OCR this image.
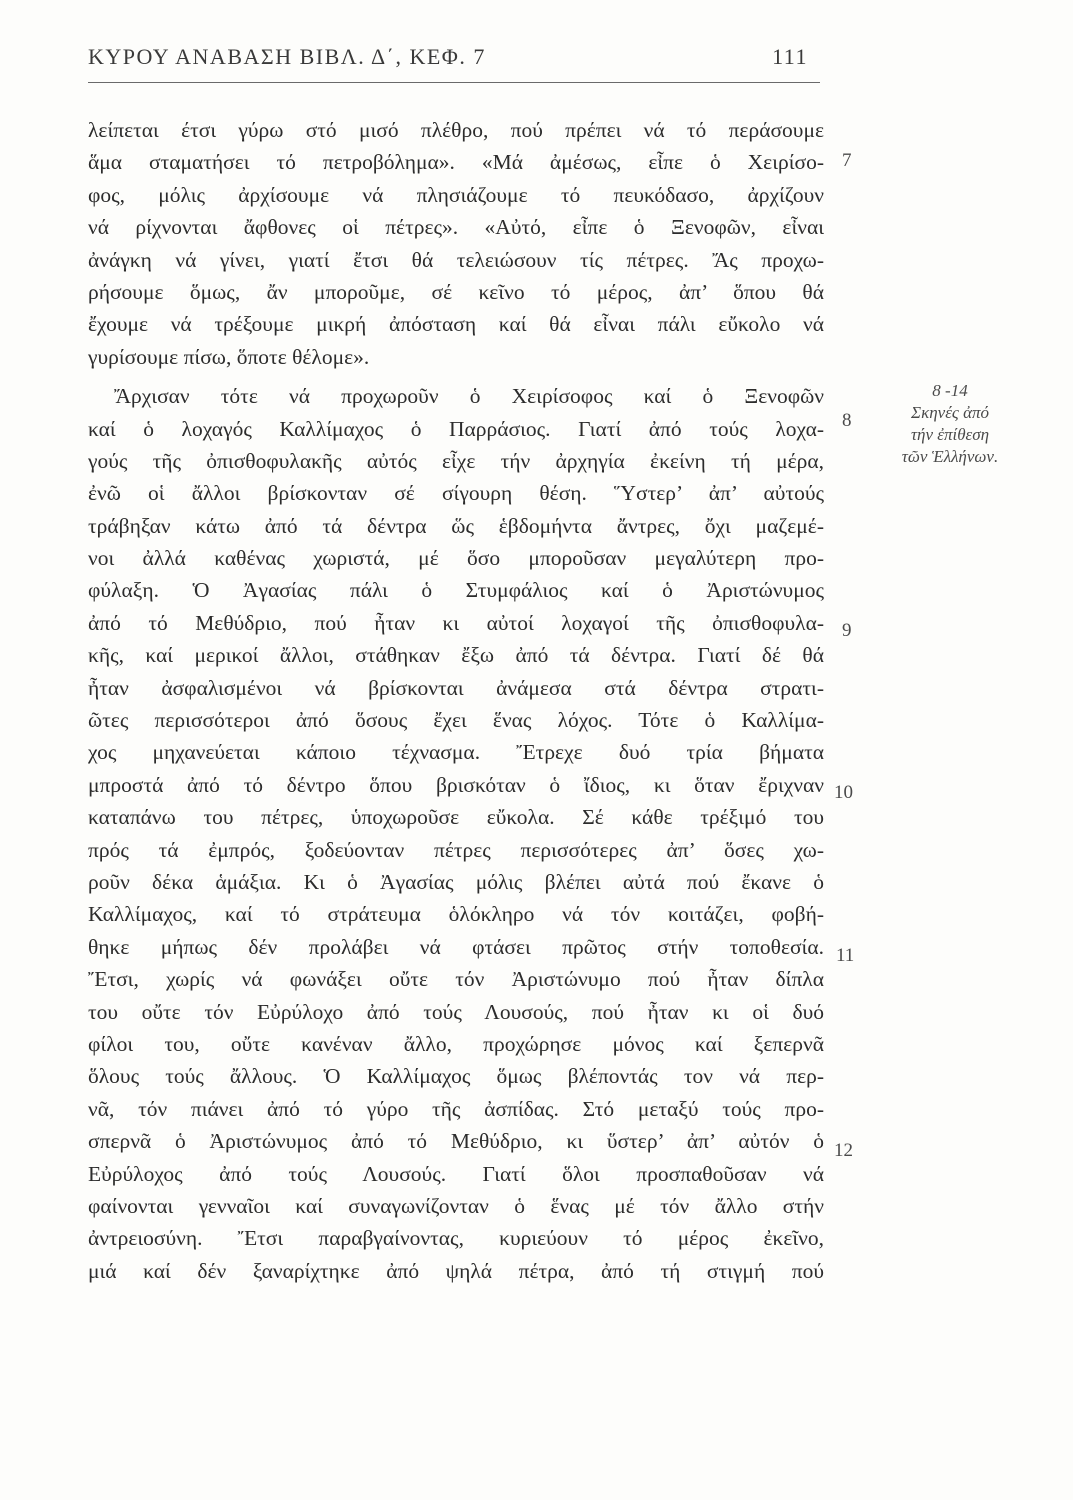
ΚΥΡΟΥ ΑΝΑΒΑΣΗ ΒΙΒΛ. Δ΄, ΚΕΦ. 7	111
λείπεται έτσι γύρω στό μισό πλέθρο, πού πρέπει νά τό περάσουμε
ἅμα σταματήσει τό πετροβόλημα». «Μά ἀμέσως, εἶπε ὁ Χειρίσο-
φος, μόλις ἀρχίσουμε νά πλησιάζουμε τό πευκόδασο, ἀρχίζουν
νά ρίχνονται ἄφθονες οἱ πέτρες». «Αὐτό, εἶπε ὁ Ξενοφῶν, εἶναι
ἀνάγκη νά γίνει, γιατί ἔτσι θά τελειώσουν τίς πέτρες. Ἄς προχω-
ρήσουμε ὅμως, ἄν μποροῦμε, σέ κεῖνο τό μέρος, ἀπ’ ὅπου θά
ἔχουμε νά τρέξουμε μικρή ἀπόσταση καί θά εἶναι πάλι εὔκολο νά
γυρίσουμε πίσω, ὅποτε θέλομε».
Ἄρχισαν τότε νά προχωροῦν ὁ Χειρίσοφος καί ὁ Ξενοφῶν
καί ὁ λοχαγός Καλλίμαχος ὁ Παρράσιος. Γιατί ἀπό τούς λοχα-
γούς τῆς ὀπισθοφυλακῆς αὐτός εἶχε τήν ἀρχηγία ἐκείνη τή μέρα,
ἐνῶ οἱ ἄλλοι βρίσκονταν σέ σίγουρη θέση. Ὕστερ’ ἀπ’ αὐτούς
τράβηξαν κάτω ἀπό τά δέντρα ὥς ἑβδομήντα ἄντρες, ὄχι μαζεμέ-
νοι ἀλλά καθένας χωριστά, μέ ὅσο μποροῦσαν μεγαλύτερη προ-
φύλαξη. Ὁ Ἀγασίας πάλι ὁ Στυμφάλιος καί ὁ Ἀριστώνυμος
ἀπό τό Μεθύδριο, πού ἦταν κι αὐτοί λοχαγοί τῆς ὀπισθοφυλα-
κῆς, καί μερικοί ἄλλοι, στάθηκαν ἔξω ἀπό τά δέντρα. Γιατί δέ θά
ἦταν ἀσφαλισμένοι νά βρίσκονται ἀνάμεσα στά δέντρα στρατι-
ῶτες περισσότεροι ἀπό ὅσους ἔχει ἕνας λόχος. Τότε ὁ Καλλίμα-
χος μηχανεύεται κάποιο τέχνασμα. Ἔτρεχε δυό τρία βήματα
μπροστά ἀπό τό δέντρο ὅπου βρισκόταν ὁ ἴδιος, κι ὅταν ἔριχναν
καταπάνω του πέτρες, ὑποχωροῦσε εὔκολα. Σέ κάθε τρέξιμό του
πρός τά ἐμπρός, ξοδεύονταν πέτρες περισσότερες ἀπ’ ὅσες χω-
ροῦν δέκα ἁμάξια. Κι ὁ Ἀγασίας μόλις βλέπει αὐτά πού ἔκανε ὁ
Καλλίμαχος, καί τό στράτευμα ὁλόκληρο νά τόν κοιτάζει, φοβή-
θηκε μήπως δέν προλάβει νά φτάσει πρῶτος στήν τοποθεσία.
Ἔτσι, χωρίς νά φωνάξει οὔτε τόν Ἀριστώνυμο πού ἦταν δίπλα
του οὔτε τόν Εὐρύλοχο ἀπό τούς Λουσούς, πού ἦταν κι οἱ δυό
φίλοι του, οὔτε κανέναν ἄλλο, προχώρησε μόνος καί ξεπερνᾶ
ὅλους τούς ἄλλους. Ὁ Καλλίμαχος ὅμως βλέποντάς τον νά περ-
νᾶ, τόν πιάνει ἀπό τό γύρο τῆς ἀσπίδας. Στό μεταξύ τούς προ-
σπερνᾶ ὁ Ἀριστώνυμος ἀπό τό Μεθύδριο, κι ὕστερ’ ἀπ’ αὐτόν ὁ
Εὐρύλοχος ἀπό τούς Λουσούς. Γιατί ὅλοι προσπαθοῦσαν νά
φαίνονται γενναῖοι καί συναγωνίζονταν ὁ ἕνας μέ τόν ἄλλο στήν
ἀντρειοσύνη. Ἔτσι παραβγαίνοντας, κυριεύουν τό μέρος ἐκεῖνο,
μιά καί δέν ξαναρίχτηκε ἀπό ψηλά πέτρα, ἀπό τή στιγμή πού
7
8
9
10
11
12
8 -14
Σκηνές ἀπό
τήν ἐπίθεση
τῶν Ἑλλήνων.
